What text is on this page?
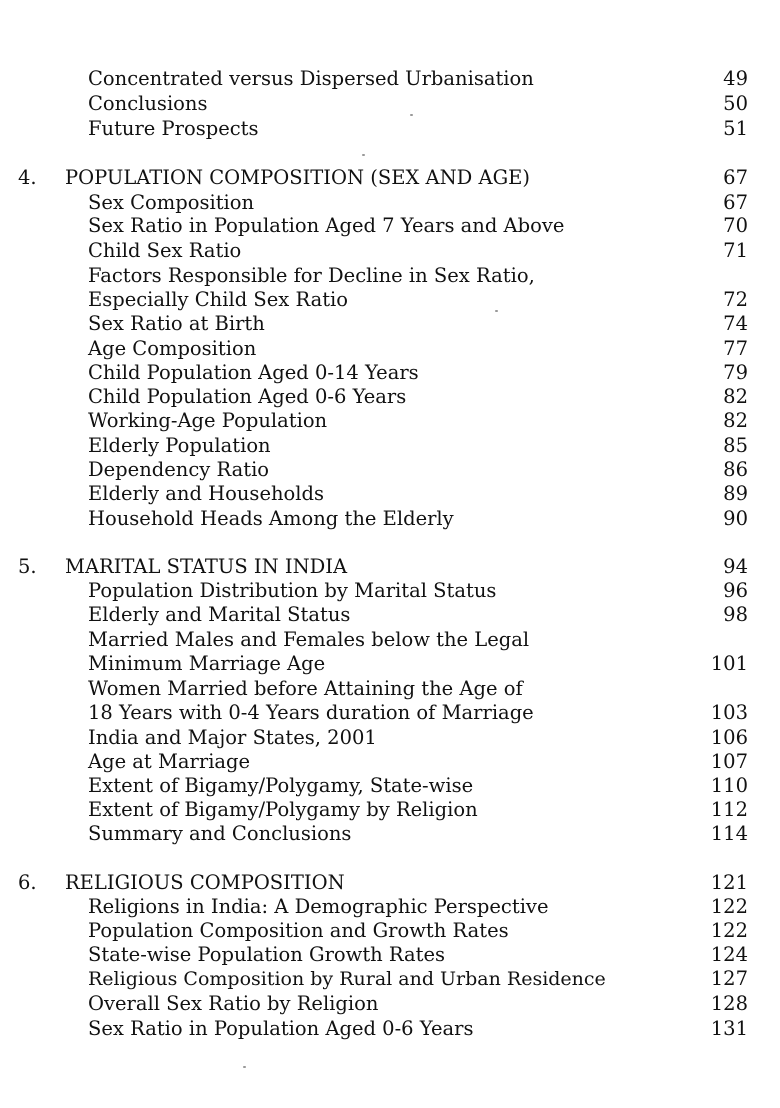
Concentrated versus Dispersed Urbanisation	49
Conclusions	50
Future Prospects	51
4. POPULATION COMPOSITION (SEX AND AGE)	67
Sex Composition	67
Sex Ratio in Population Aged 7 Years and Above	70
Child Sex Ratio	71
Factors Responsible for Decline in Sex Ratio,
Especially Child Sex Ratio	72
Sex Ratio at Birth	74
Age Composition	77
Child Population Aged 0-14 Years	79
Child Population Aged 0-6 Years	82
Working-Age Population	82
Elderly Population	85
Dependency Ratio	86
Elderly and Households	89
Household Heads Among the Elderly	90
5. MARITAL STATUS IN INDIA	94
Population Distribution by Marital Status	96
Elderly and Marital Status	98
Married Males and Females below the Legal
Minimum Marriage Age	101
Women Married before Attaining the Age of
18 Years with 0-4 Years duration of Marriage	103
India and Major States, 2001	106
Age at Marriage	107
Extent of Bigamy/Polygamy, State-wise	110
Extent of Bigamy/Polygamy by Religion	112
Summary and Conclusions	114
6. RELIGIOUS COMPOSITION	121
Religions in India: A Demographic Perspective	122
Population Composition and Growth Rates	122
State-wise Population Growth Rates	124
Religious Composition by Rural and Urban Residence	127
Overall Sex Ratio by Religion	128
Sex Ratio in Population Aged 0-6 Years	131
